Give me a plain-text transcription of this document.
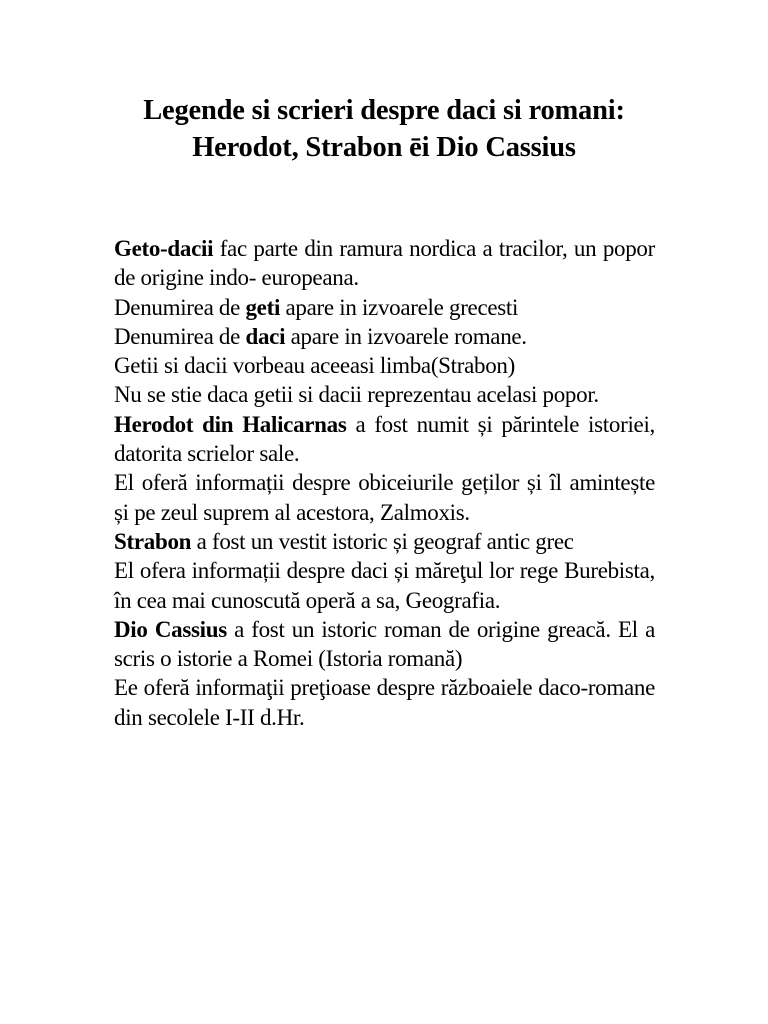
Legende si scrieri despre daci si romani:
Herodot, Strabon ēi Dio Cassius

Geto-dacii fac parte din ramura nordica a tracilor, un popor de origine indo- europeana.

Denumirea de geti apare in izvoarele grecesti

Denumirea de daci apare in izvoarele romane.

Getii si dacii vorbeau aceeasi limba(Strabon)

Nu se stie daca getii si dacii reprezentau acelasi popor.

Herodot din Halicarnas a fost numit și părintele istoriei, datorita scrielor sale.

El oferă informații despre obiceiurile geților și îl amintește și pe zeul suprem al acestora, Zalmoxis.

Strabon a fost un vestit istoric și geograf antic grec

El ofera informații despre daci și măreţul lor rege Burebista, în cea mai cunoscută operă a sa, Geografia.

Dio Cassius a fost un istoric roman de origine greacă. El a scris o istorie a Romei (Istoria romană)

Ee oferă informaţii preţioase despre războaiele daco-romane din secolele I-II d.Hr.
